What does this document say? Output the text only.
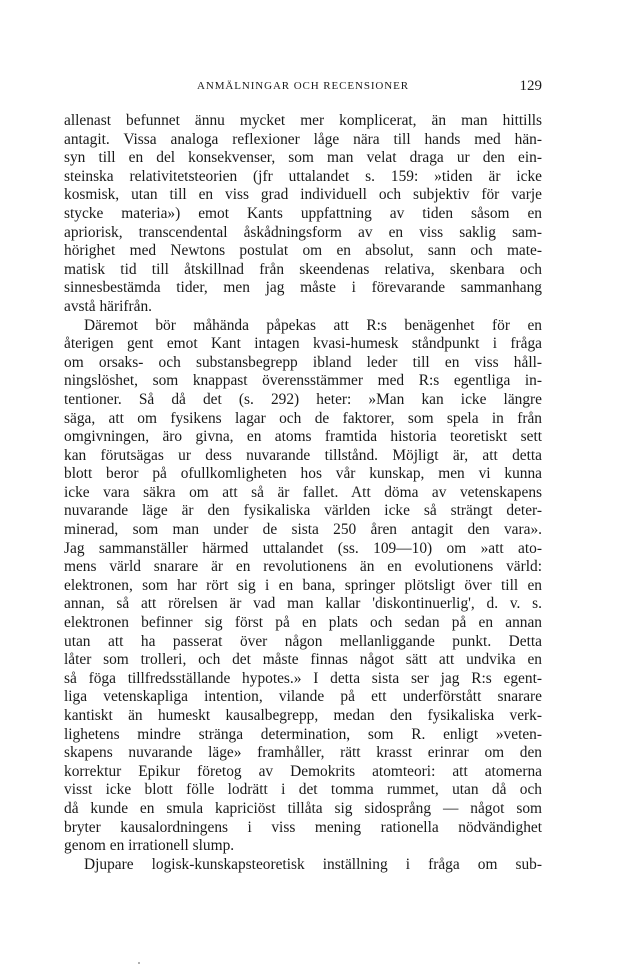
ANMÄLNINGAR OCH RECENSIONER	129
allenast befunnet ännu mycket mer komplicerat, än man hittills
antagit. Vissa analoga reflexioner låge nära till hands med hän-
syn till en del konsekvenser, som man velat draga ur den ein-
steinska relativitetsteorien (jfr uttalandet s. 159: »tiden är icke
kosmisk, utan till en viss grad individuell och subjektiv för varje
stycke materia») emot Kants uppfattning av tiden såsom en
apriorisk, transcendental åskådningsform av en viss saklig sam-
hörighet med Newtons postulat om en absolut, sann och mate-
matisk tid till åtskillnad från skeendenas relativa, skenbara och
sinnesbestämda tider, men jag måste i förevarande sammanhang
avstå härifrån.
Däremot bör måhända påpekas att R:s benägenhet för en
återigen gent emot Kant intagen kvasi-humesk ståndpunkt i fråga
om orsaks- och substansbegrepp ibland leder till en viss håll-
ningslöshet, som knappast överensstämmer med R:s egentliga in-
tentioner. Så då det (s. 292) heter: »Man kan icke längre
säga, att om fysikens lagar och de faktorer, som spela in från
omgivningen, äro givna, en atoms framtida historia teoretiskt sett
kan förutsägas ur dess nuvarande tillstånd. Möjligt är, att detta
blott beror på ofullkomligheten hos vår kunskap, men vi kunna
icke vara säkra om att så är fallet. Att döma av vetenskapens
nuvarande läge är den fysikaliska världen icke så strängt deter-
minerad, som man under de sista 250 åren antagit den vara».
Jag sammanställer härmed uttalandet (ss. 109—10) om »att ato-
mens värld snarare är en revolutionens än en evolutionens värld:
elektronen, som har rört sig i en bana, springer plötsligt över till en
annan, så att rörelsen är vad man kallar 'diskontinuerlig', d. v. s.
elektronen befinner sig först på en plats och sedan på en annan
utan att ha passerat över någon mellanliggande punkt. Detta
låter som trolleri, och det måste finnas något sätt att undvika en
så föga tillfredsställande hypotes.» I detta sista ser jag R:s egent-
liga vetenskapliga intention, vilande på ett underförstått snarare
kantiskt än humeskt kausalbegrepp, medan den fysikaliska verk-
lighetens mindre stränga determination, som R. enligt »veten-
skapens nuvarande läge» framhåller, rätt krasst erinrar om den
korrektur Epikur företog av Demokrits atomteori: att atomerna
visst icke blott fölle lodrätt i det tomma rummet, utan då och
då kunde en smula kapriciöst tillåta sig sidosprång — något som
bryter kausalordningens i viss mening rationella nödvändighet
genom en irrationell slump.
Djupare logisk-kunskapsteoretisk inställning i fråga om sub-
